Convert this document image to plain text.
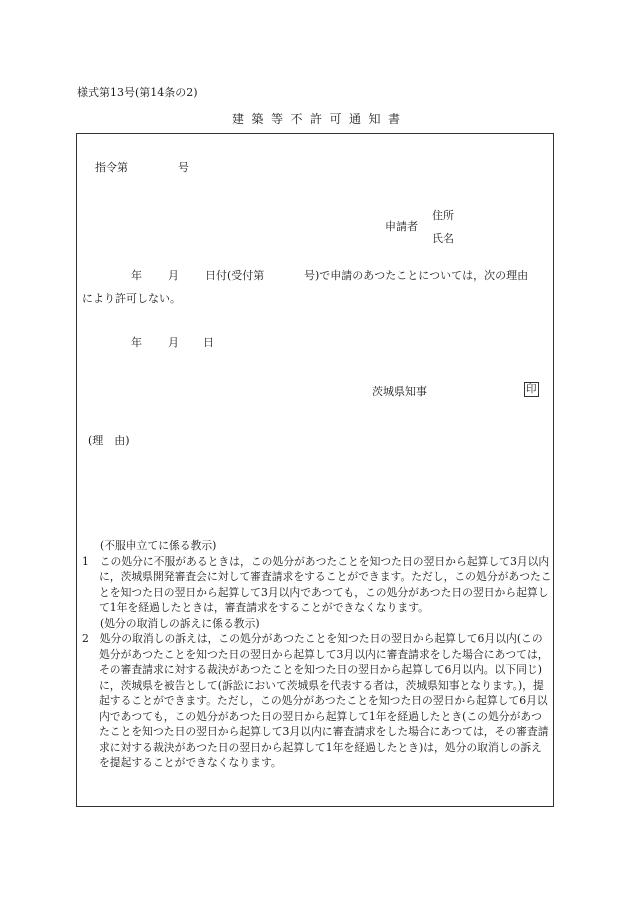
様式第13号(第14条の2)
建築等不許可通知書
指令第	号
申請者
住所
氏名
年 月 日付(受付第	号)で申請のあつたことについては，次の理由
により許可しない。
年 月 日
茨城県知事	印
(理　由)
(不服申立てに係る教示)
1　この処分に不服があるときは，この処分があつたことを知つた日の翌日から起算して3月以内に，茨城県開発審査会に対して審査請求をすることができます。ただし，この処分があつたことを知つた日の翌日から起算して3月以内であつても，この処分があつた日の翌日から起算して1年を経過したときは，審査請求をすることができなくなります。
(処分の取消しの訴えに係る教示)
2　処分の取消しの訴えは，この処分があつたことを知つた日の翌日から起算して6月以内(この処分があつたことを知つた日の翌日から起算して3月以内に審査請求をした場合にあつては，その審査請求に対する裁決があつたことを知つた日の翌日から起算して6月以内。以下同じ)に，茨城県を被告として(訴訟において茨城県を代表する者は，茨城県知事となります。)，提起することができます。ただし，この処分があつたことを知つた日の翌日から起算して6月以内であつても，この処分があつた日の翌日から起算して1年を経過したとき(この処分があつたことを知つた日の翌日から起算して3月以内に審査請求をした場合にあつては，その審査請求に対する裁決があつた日の翌日から起算して1年を経過したとき)は，処分の取消しの訴えを提起することができなくなります。
